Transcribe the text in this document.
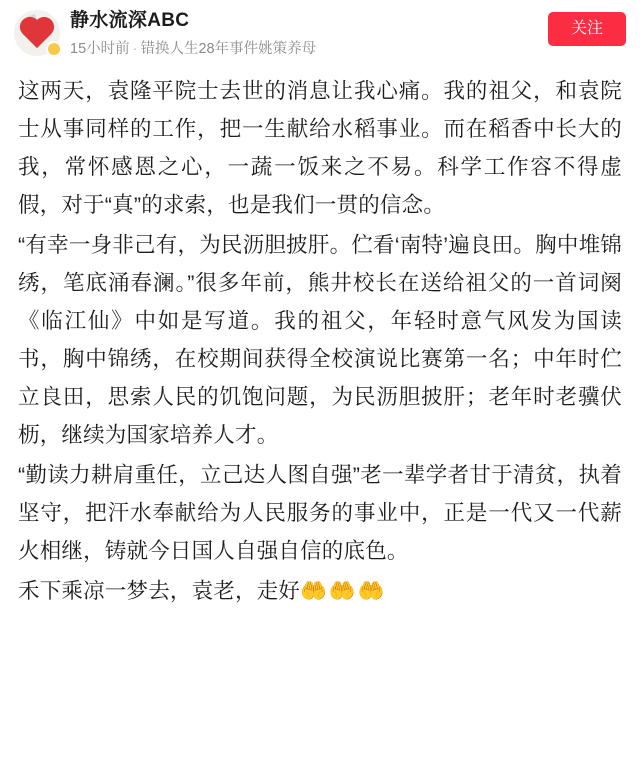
静水流深ABC
15小时前 · 错换人生28年事件姚策养母
关注

这两天，袁隆平院士去世的消息让我心痛。我的祖父，和袁院士从事同样的工作，把一生献给水稻事业。而在稻香中长大的我，常怀感恩之心，一蔬一饭来之不易。科学工作容不得虚假，对于“真”的求索，也是我们一贯的信念。

“有幸一身非己有，为民沥胆披肝。伫看‘南特’遍良田。胸中堆锦绣，笔底涌春澜。”很多年前，熊井校长在送给祖父的一首词阕《临江仙》中如是写道。我的祖父，年轻时意气风发为国读书，胸中锦绣，在校期间获得全校演说比赛第一名；中年时伫立良田，思索人民的饥饱问题，为民沥胆披肝；老年时老骥伏枥，继续为国家培养人才。

“勤读力耕肩重任，立己达人图自强”老一辈学者甘于清贫，执着坚守，把汗水奉献给为人民服务的事业中，正是一代又一代薪火相继，铸就今日国人自强自信的底色。

禾下乘凉一梦去，袁老，走好🤲🤲🤲
